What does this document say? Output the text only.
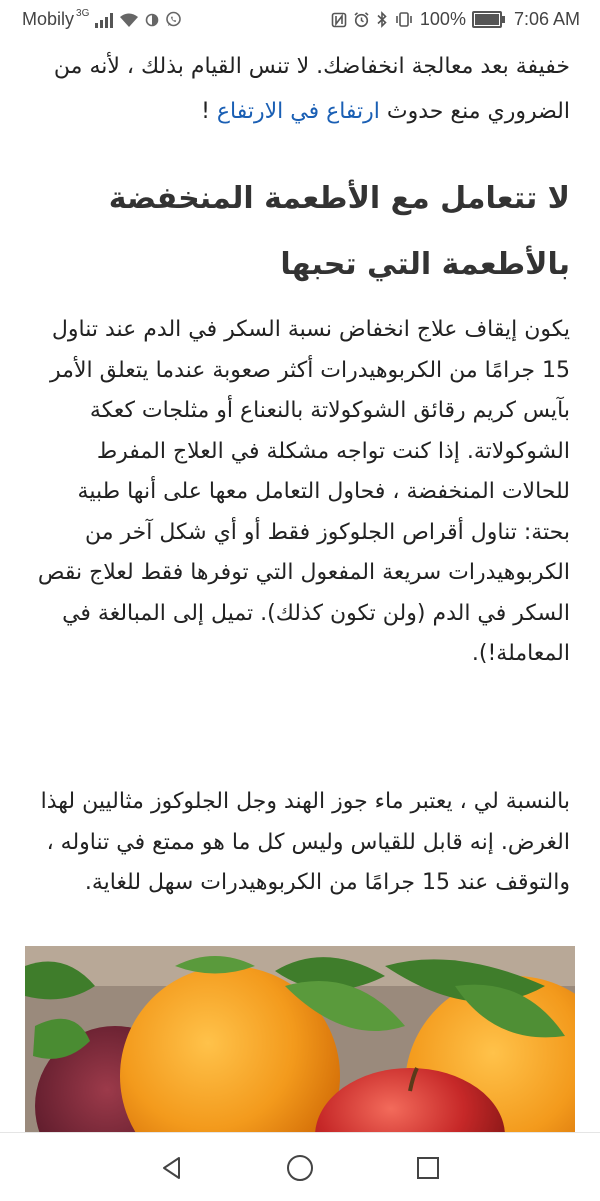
Mobily 3G	100%	7:06 AM

خفيفة بعد معالجة انخفاضك. لا تنس القيام بذلك ، لأنه من الضروري منع حدوث ارتفاع في الارتفاع !

لا تتعامل مع الأطعمة المنخفضة بالأطعمة التي تحبها

يكون إيقاف علاج انخفاض نسبة السكر في الدم عند تناول 15 جرامًا من الكربوهيدرات أكثر صعوبة عندما يتعلق الأمر بآيس كريم رقائق الشوكولاتة بالنعناع أو مثلجات كعكة الشوكولاتة. إذا كنت تواجه مشكلة في العلاج المفرط للحالات المنخفضة ، فحاول التعامل معها على أنها طبية بحتة: تناول أقراص الجلوكوز فقط أو أي شكل آخر من الكربوهيدرات سريعة المفعول التي توفرها فقط لعلاج نقص السكر في الدم (ولن تكون كذلك). تميل إلى المبالغة في المعاملة!).

بالنسبة لي ، يعتبر ماء جوز الهند وجل الجلوكوز مثاليين لهذا الغرض. إنه قابل للقياس وليس كل ما هو ممتع في تناوله ، والتوقف عند 15 جرامًا من الكربوهيدرات سهل للغاية.
